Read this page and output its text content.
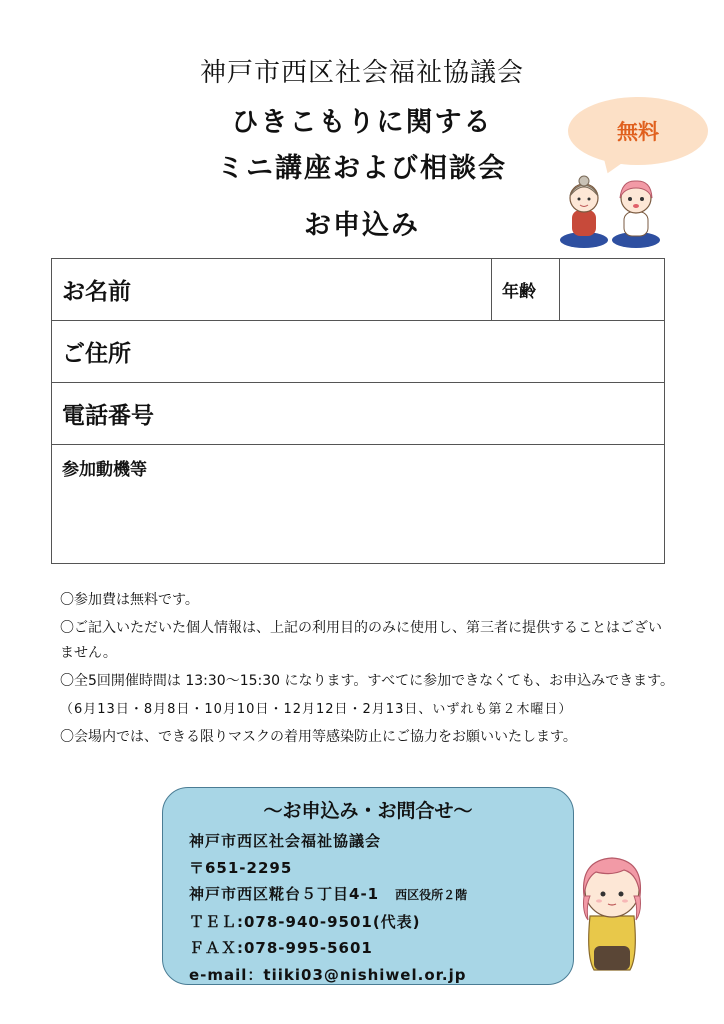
神戸市西区社会福祉協議会
ひきこもりに関する
ミニ講座および相談会
お申込み
無料
お名前	年齢	
ご住所
電話番号
参加動機等

〇参加費は無料です。

〇ご記入いただいた個人情報は、上記の利用目的のみに使用し、第三者に提供することはございません。

〇全5回開催時間は 13:30～15:30 になります。すべてに参加できなくても、お申込みできます。

（6月13日・8月8日・10月10日・12月12日・2月13日、いずれも第２木曜日）

〇会場内では、できる限りマスクの着用等感染防止にご協力をお願いいたします。

～お申込み・お問合せ～
神戸市西区社会福祉協議会
〒651-2295
神戸市西区糀台５丁目4-1 西区役所２階
ＴＥＬ:078-940-9501(代表)
ＦＡＸ:078-995-5601
e-mail：tiiki03@nishiwel.or.jp
